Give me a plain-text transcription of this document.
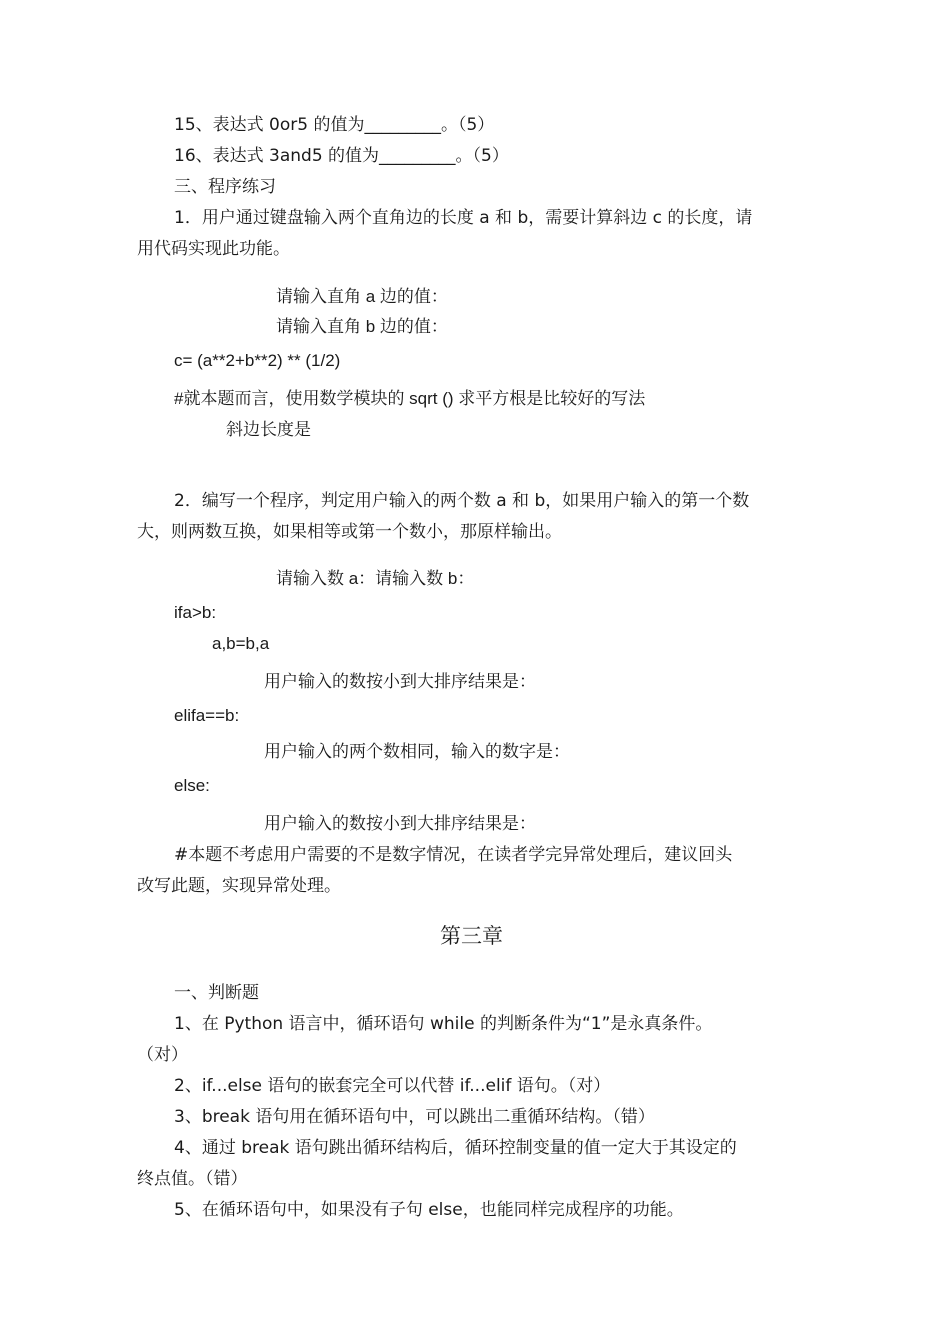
15、表达式 0or5 的值为_________。（5）
16、表达式 3and5 的值为_________。（5）
三、程序练习
1．用户通过键盘输入两个直角边的长度 a 和 b，需要计算斜边 c 的长度，请
用代码实现此功能。
请输入直角 a 边的值：
请输入直角 b 边的值：
c= (a**2+b**2) ** (1/2)
#就本题而言，使用数学模块的 sqrt () 求平方根是比较好的写法
斜边长度是
2．编写一个程序，判定用户输入的两个数 a 和 b，如果用户输入的第一个数
大，则两数互换，如果相等或第一个数小，那原样输出。
请输入数 a：请输入数 b：
ifa>b:
a,b=b,a
用户输入的数按小到大排序结果是：
elifa==b:
用户输入的两个数相同，输入的数字是：
else:
用户输入的数按小到大排序结果是：
#本题不考虑用户需要的不是数字情况，在读者学完异常处理后，建议回头
改写此题，实现异常处理。
第三章
一、判断题
1、在 Python 语言中，循环语句 while 的判断条件为“1”是永真条件。
（对）
2、if...else 语句的嵌套完全可以代替 if...elif 语句。（对）
3、break 语句用在循环语句中，可以跳出二重循环结构。（错）
4、通过 break 语句跳出循环结构后，循环控制变量的值一定大于其设定的
终点值。（错）
5、在循环语句中，如果没有子句 else，也能同样完成程序的功能。
